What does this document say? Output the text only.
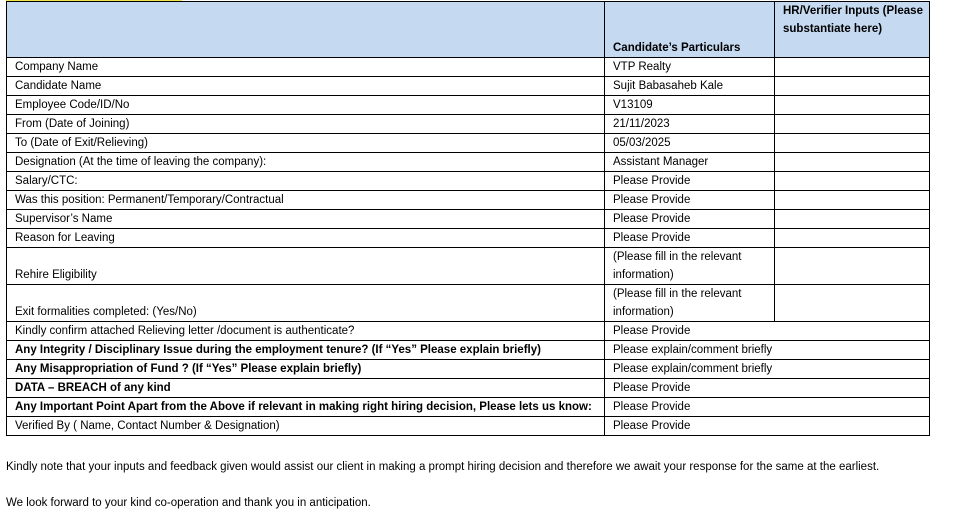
	Candidate’s Particulars	HR/Verifier Inputs (Please substantiate here)
Company Name	VTP Realty	
Candidate Name	Sujit Babasaheb Kale	
Employee Code/ID/No	V13109	
From (Date of Joining)	21/11/2023	
To (Date of Exit/Relieving)	05/03/2025	
Designation (At the time of leaving the company):	Assistant Manager	
Salary/CTC:	Please Provide	
Was this position: Permanent/Temporary/Contractual	Please Provide	
Supervisor’s Name	Please Provide	
Reason for Leaving	Please Provide	
Rehire Eligibility	(Please fill in the relevant information)	
Exit formalities completed: (Yes/No)	(Please fill in the relevant information)	
Kindly confirm attached Relieving letter /document is authenticate?	Please Provide	
Any Integrity / Disciplinary Issue during the employment tenure? (If “Yes” Please explain briefly)	Please explain/comment briefly	
Any Misappropriation of Fund ? (If “Yes” Please explain briefly)	Please explain/comment briefly	
DATA – BREACH of any kind	Please Provide	
Any Important Point Apart from the Above if relevant in making right hiring decision, Please lets us know:	Please Provide	
Verified By ( Name, Contact Number & Designation)	Please Provide	
Kindly note that your inputs and feedback given would assist our client in making a prompt hiring decision and therefore we await your response for the same at the earliest.
We look forward to your kind co-operation and thank you in anticipation.
